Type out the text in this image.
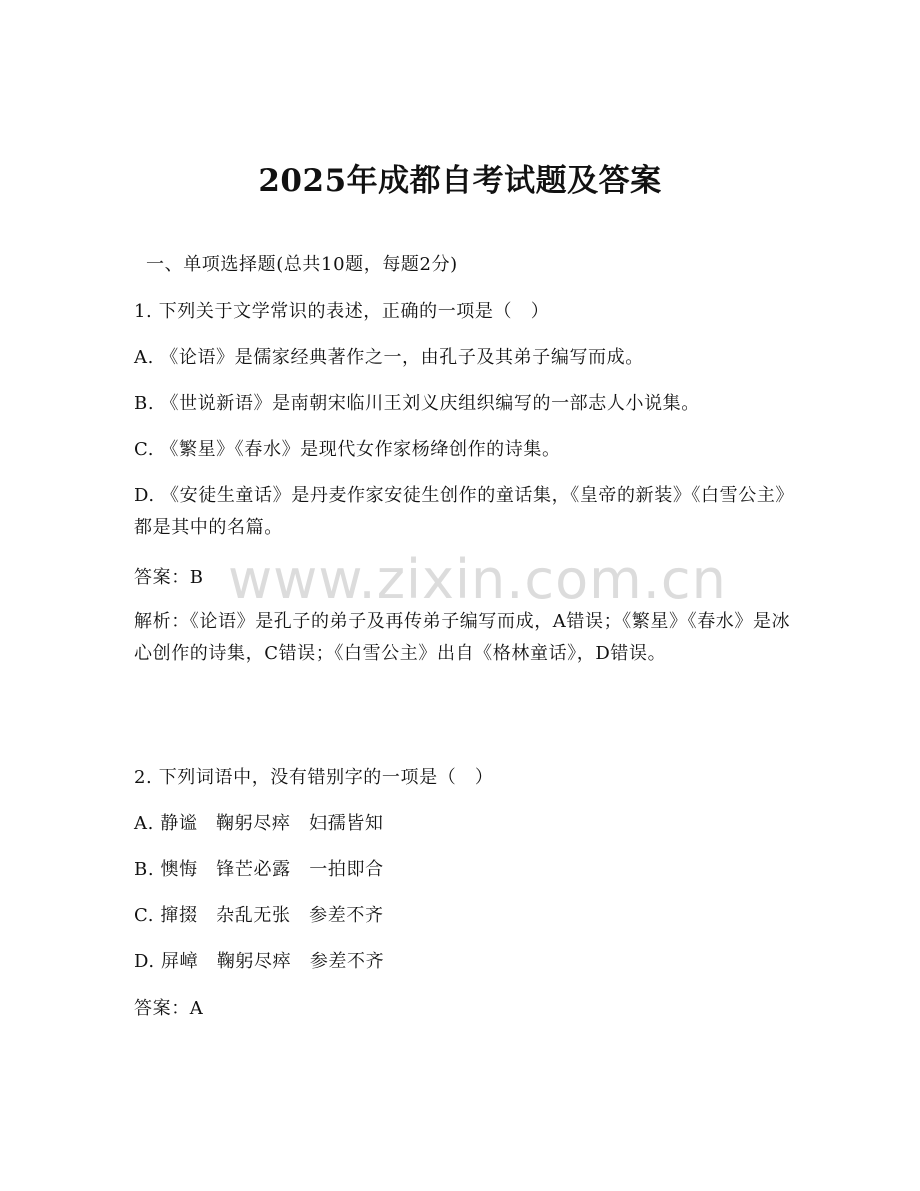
www.zixin.com.cn
2025年成都自考试题及答案
一、单项选择题(总共10题，每题2分)
1. 下列关于文学常识的表述，正确的一项是（　）
A. 《论语》是儒家经典著作之一，由孔子及其弟子编写而成。
B. 《世说新语》是南朝宋临川王刘义庆组织编写的一部志人小说集。
C. 《繁星》《春水》是现代女作家杨绛创作的诗集。
D. 《安徒生童话》是丹麦作家安徒生创作的童话集，《皇帝的新装》《白雪公主》都是其中的名篇。
答案：B
解析：《论语》是孔子的弟子及再传弟子编写而成，A错误；《繁星》《春水》是冰心创作的诗集，C错误；《白雪公主》出自《格林童话》，D错误。
2. 下列词语中，没有错别字的一项是（　）
A. 静谧　鞠躬尽瘁　妇孺皆知
B. 懊悔　锋芒必露　一拍即合
C. 撺掇　杂乱无张　参差不齐
D. 屏嶂　鞠躬尽瘁　参差不齐
答案：A
